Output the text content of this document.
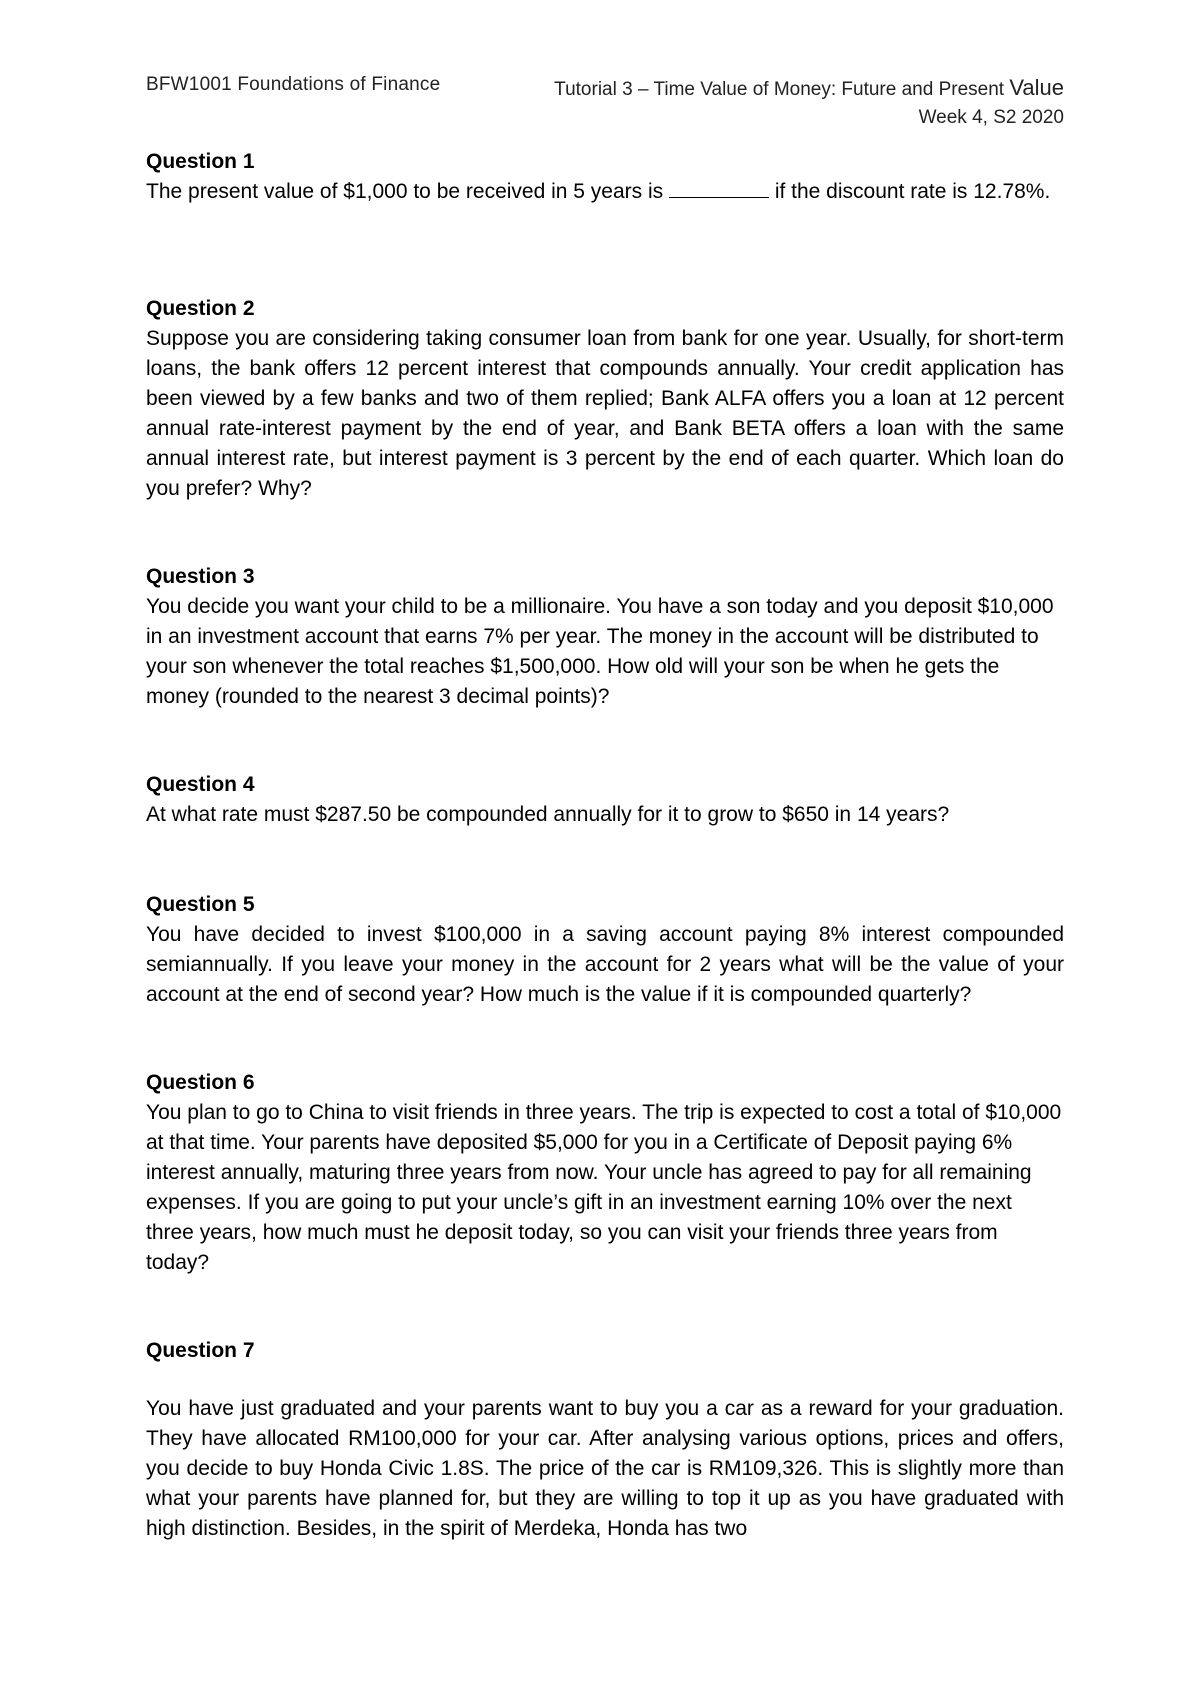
BFW1001 Foundations of Finance	Tutorial 3 – Time Value of Money: Future and Present Value
Week 4, S2 2020

Question 1

The present value of $1,000 to be received in 5 years is	if the discount rate is 12.78%.

Question 2

Suppose you are considering taking consumer loan from bank for one year. Usually, for short-term loans, the bank offers 12 percent interest that compounds annually. Your credit application has been viewed by a few banks and two of them replied; Bank ALFA offers you a loan at 12 percent annual rate-interest payment by the end of year, and Bank BETA offers a loan with the same annual interest rate, but interest payment is 3 percent by the end of each quarter. Which loan do you prefer? Why?

Question 3

You decide you want your child to be a millionaire. You have a son today and you deposit $10,000 in an investment account that earns 7% per year. The money in the account will be distributed to your son whenever the total reaches $1,500,000. How old will your son be when he gets the money (rounded to the nearest 3 decimal points)?

Question 4

At what rate must $287.50 be compounded annually for it to grow to $650 in 14 years?

Question 5

You have decided to invest $100,000 in a saving account paying 8% interest compounded semiannually. If you leave your money in the account for 2 years what will be the value of your account at the end of second year? How much is the value if it is compounded quarterly?

Question 6

You plan to go to China to visit friends in three years. The trip is expected to cost a total of $10,000 at that time. Your parents have deposited $5,000 for you in a Certificate of Deposit paying 6% interest annually, maturing three years from now. Your uncle has agreed to pay for all remaining expenses. If you are going to put your uncle’s gift in an investment earning 10% over the next three years, how much must he deposit today, so you can visit your friends three years from today?

Question 7

You have just graduated and your parents want to buy you a car as a reward for your graduation. They have allocated RM100,000 for your car. After analysing various options, prices and offers, you decide to buy Honda Civic 1.8S. The price of the car is RM109,326. This is slightly more than what your parents have planned for, but they are willing to top it up as you have graduated with high distinction. Besides, in the spirit of Merdeka, Honda has two
